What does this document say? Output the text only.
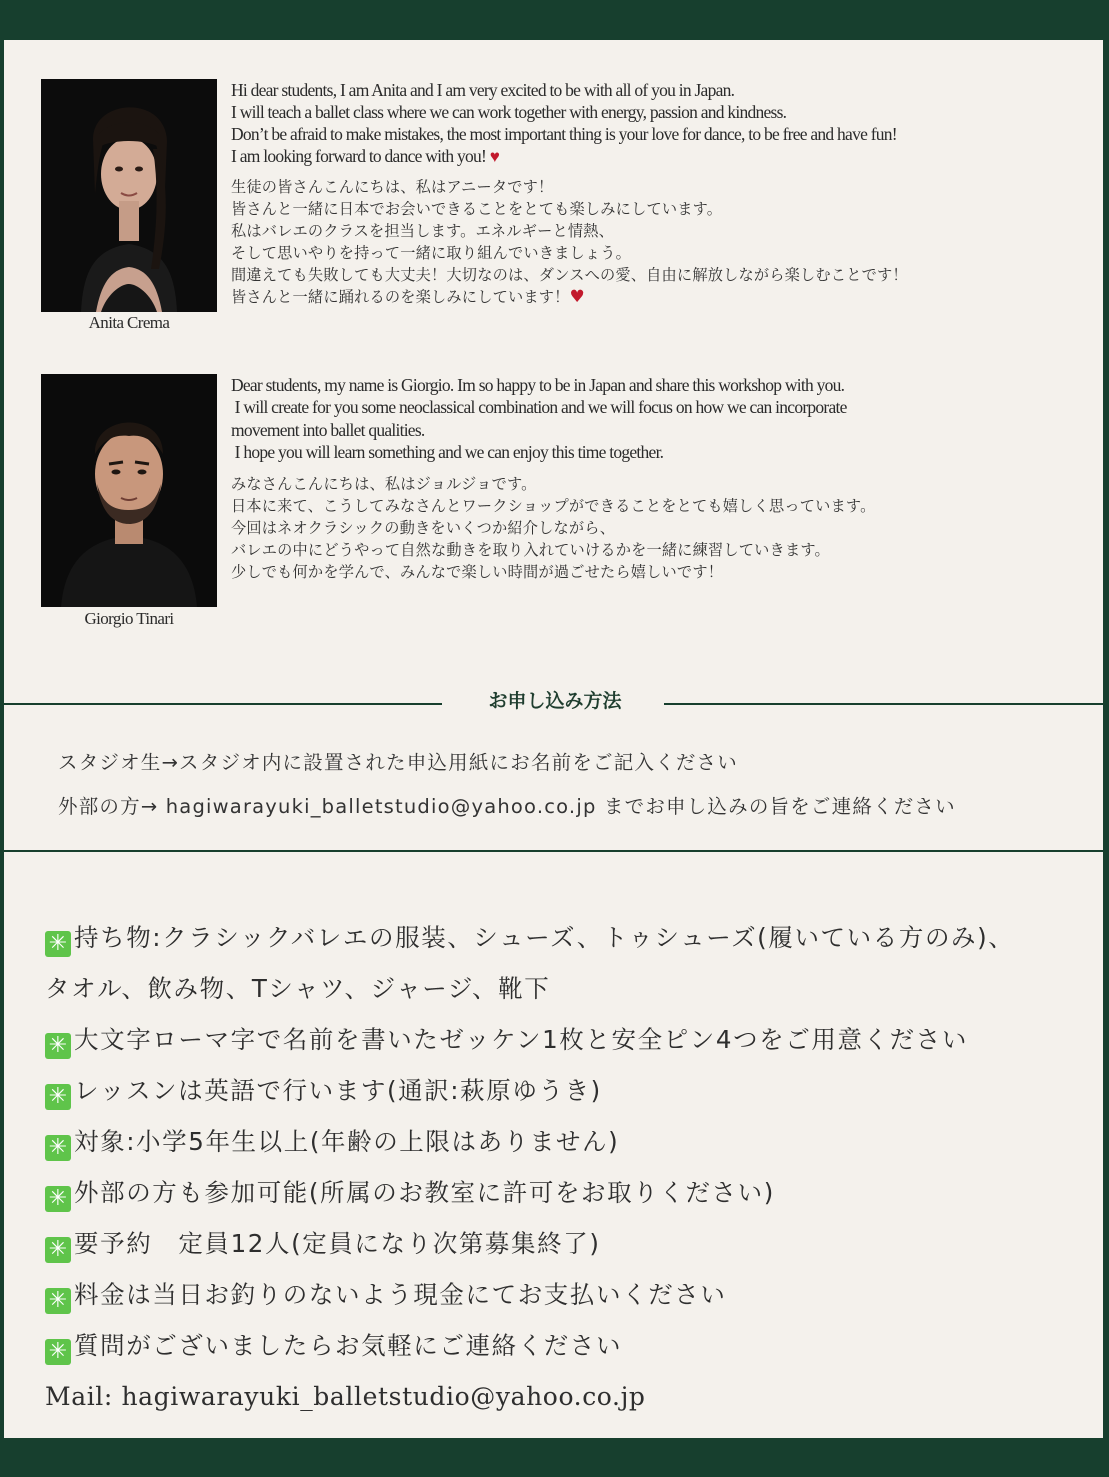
Anita Crema
Hi dear students, I am Anita and I am very excited to be with all of you in Japan.
I will teach a ballet class where we can work together with energy, passion and kindness.
Don’t be afraid to make mistakes, the most important thing is your love for dance, to be free and have fun!
I am looking forward to dance with you! ♥
生徒の皆さんこんにちは、私はアニータです！
皆さんと一緒に日本でお会いできることをとても楽しみにしています。
私はバレエのクラスを担当します。エネルギーと情熱、
そして思いやりを持って一緒に取り組んでいきましょう。
間違えても失敗しても大丈夫！大切なのは、ダンスへの愛、自由に解放しながら楽しむことです！
皆さんと一緒に踊れるのを楽しみにしています！♥
Giorgio Tinari
Dear students, my name is Giorgio. Im so happy to be in Japan and share this workshop with you.
I will create for you some neoclassical combination and we will focus on how we can incorporate
movement into ballet qualities.
I hope you will learn something and we can enjoy this time together.
みなさんこんにちは、私はジョルジョです。
日本に来て、こうしてみなさんとワークショップができることをとても嬉しく思っています。
今回はネオクラシックの動きをいくつか紹介しながら、
バレエの中にどうやって自然な動きを取り入れていけるかを一緒に練習していきます。
少しでも何かを学んで、みんなで楽しい時間が過ごせたら嬉しいです！
お申し込み方法
スタジオ生→スタジオ内に設置された申込用紙にお名前をご記入ください
外部の方→ hagiwarayuki_balletstudio@yahoo.co.jp までお申し込みの旨をご連絡ください
✳ 持ち物:クラシックバレエの服装、シューズ、トゥシューズ(履いている方のみ)、
タオル、飲み物、Tシャツ、ジャージ、靴下
✳ 大文字ローマ字で名前を書いたゼッケン1枚と安全ピン4つをご用意ください
✳ レッスンは英語で行います(通訳:萩原ゆうき)
✳ 対象:小学5年生以上(年齢の上限はありません)
✳ 外部の方も参加可能(所属のお教室に許可をお取りください)
✳ 要予約　定員12人(定員になり次第募集終了)
✳ 料金は当日お釣りのないよう現金にてお支払いください
✳ 質問がございましたらお気軽にご連絡ください
Mail: hagiwarayuki_balletstudio@yahoo.co.jp
